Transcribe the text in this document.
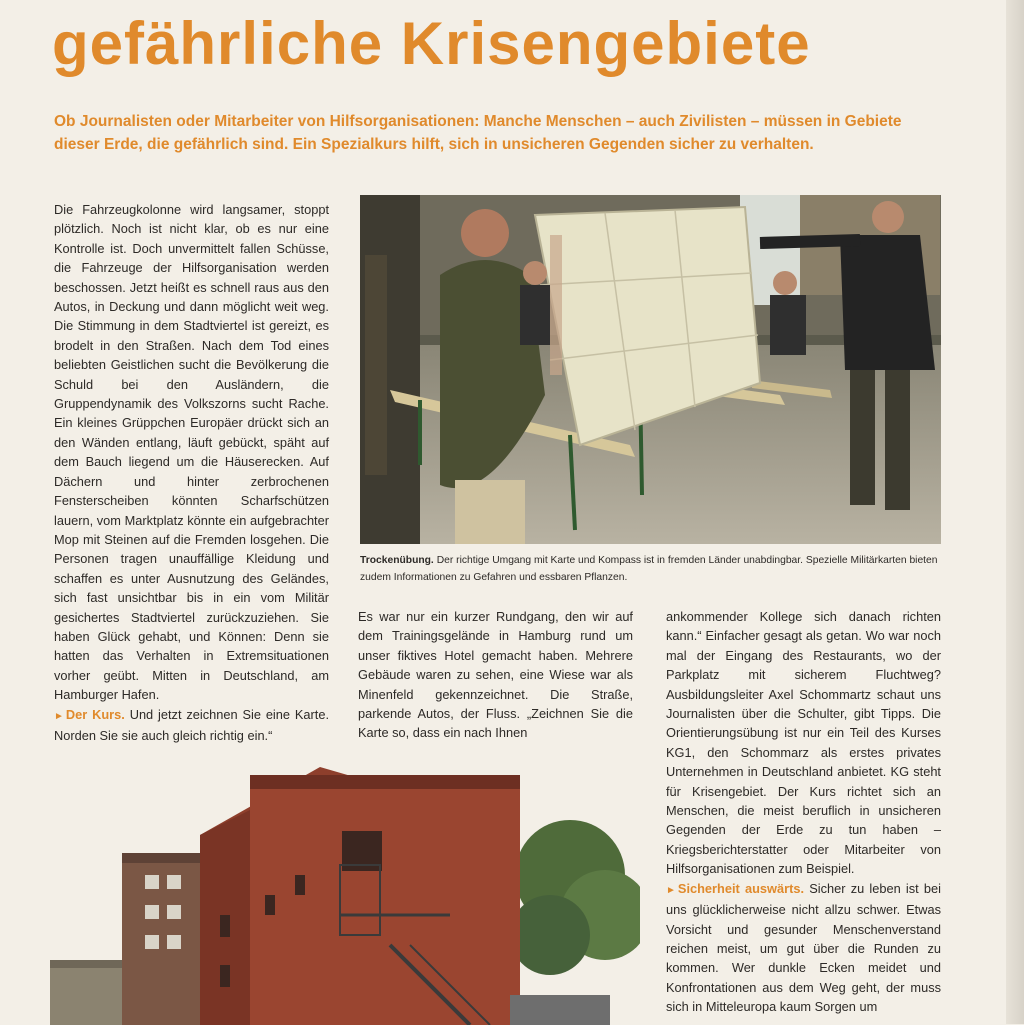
gefährliche Krisengebiete
Ob Journalisten oder Mitarbeiter von Hilfsorganisationen: Manche Menschen – auch Zivilisten – müssen in Gebiete dieser Erde, die gefährlich sind. Ein Spezialkurs hilft, sich in unsicheren Gegenden sicher zu verhalten.

Die Fahrzeugkolonne wird langsamer, stoppt plötzlich. Noch ist nicht klar, ob es nur eine Kontrolle ist. Doch unvermittelt fallen Schüsse, die Fahrzeuge der Hilfsorganisation werden beschossen. Jetzt heißt es schnell raus aus den Autos, in Deckung und dann möglicht weit weg. Die Stimmung in dem Stadtviertel ist gereizt, es brodelt in den Straßen. Nach dem Tod eines beliebten Geistlichen sucht die Bevölkerung die Schuld bei den Ausländern, die Gruppendynamik des Volkszorns sucht Rache. Ein kleines Grüppchen Europäer drückt sich an den Wänden entlang, läuft gebückt, späht auf dem Bauch liegend um die Häuserecken. Auf Dächern und hinter zerbrochenen Fensterscheiben könnten Scharfschützen lauern, vom Marktplatz könnte ein aufgebrachter Mop mit Steinen auf die Fremden losgehen. Die Personen tragen unauffällige Kleidung und schaffen es unter Ausnutzung des Geländes, sich fast unsichtbar bis in ein vom Militär gesichertes Stadtviertel zurückzuziehen. Sie haben Glück gehabt, und Können: Denn sie hatten das Verhalten in Extremsituationen vorher geübt. Mitten in Deutschland, am Hamburger Hafen.

► Der Kurs. Und jetzt zeichnen Sie eine Karte. Norden Sie sie auch gleich richtig ein.“

Trockenübung. Der richtige Umgang mit Karte und Kompass ist in fremden Länder unabdingbar. Spezielle Militärkarten bieten zudem Informationen zu Gefahren und essbaren Pflanzen.

Es war nur ein kurzer Rundgang, den wir auf dem Trainingsgelände in Hamburg rund um unser fiktives Hotel gemacht haben. Mehrere Gebäude waren zu sehen, eine Wiese war als Minenfeld gekennzeichnet. Die Straße, parkende Autos, der Fluss. „Zeichnen Sie die Karte so, dass ein nach Ihnen

ankommender Kollege sich danach richten kann.“ Einfacher gesagt als getan. Wo war noch mal der Eingang des Restaurants, wo der Parkplatz mit sicherem Fluchtweg? Ausbildungsleiter Axel Schommartz schaut uns Journalisten über die Schulter, gibt Tipps. Die Orientierungsübung ist nur ein Teil des Kurses KG1, den Schommarz als erstes privates Unternehmen in Deutschland anbietet. KG steht für Krisengebiet. Der Kurs richtet sich an Menschen, die meist beruflich in unsicheren Gegenden der Erde zu tun haben – Kriegsberichterstatter oder Mitarbeiter von Hilfsorganisationen zum Beispiel.

► Sicherheit auswärts. Sicher zu leben ist bei uns glücklicherweise nicht allzu schwer. Etwas Vorsicht und gesunder Menschenverstand reichen meist, um gut über die Runden zu kommen. Wer dunkle Ecken meidet und Konfrontationen aus dem Weg geht, der muss sich in Mitteleuropa kaum Sorgen um
